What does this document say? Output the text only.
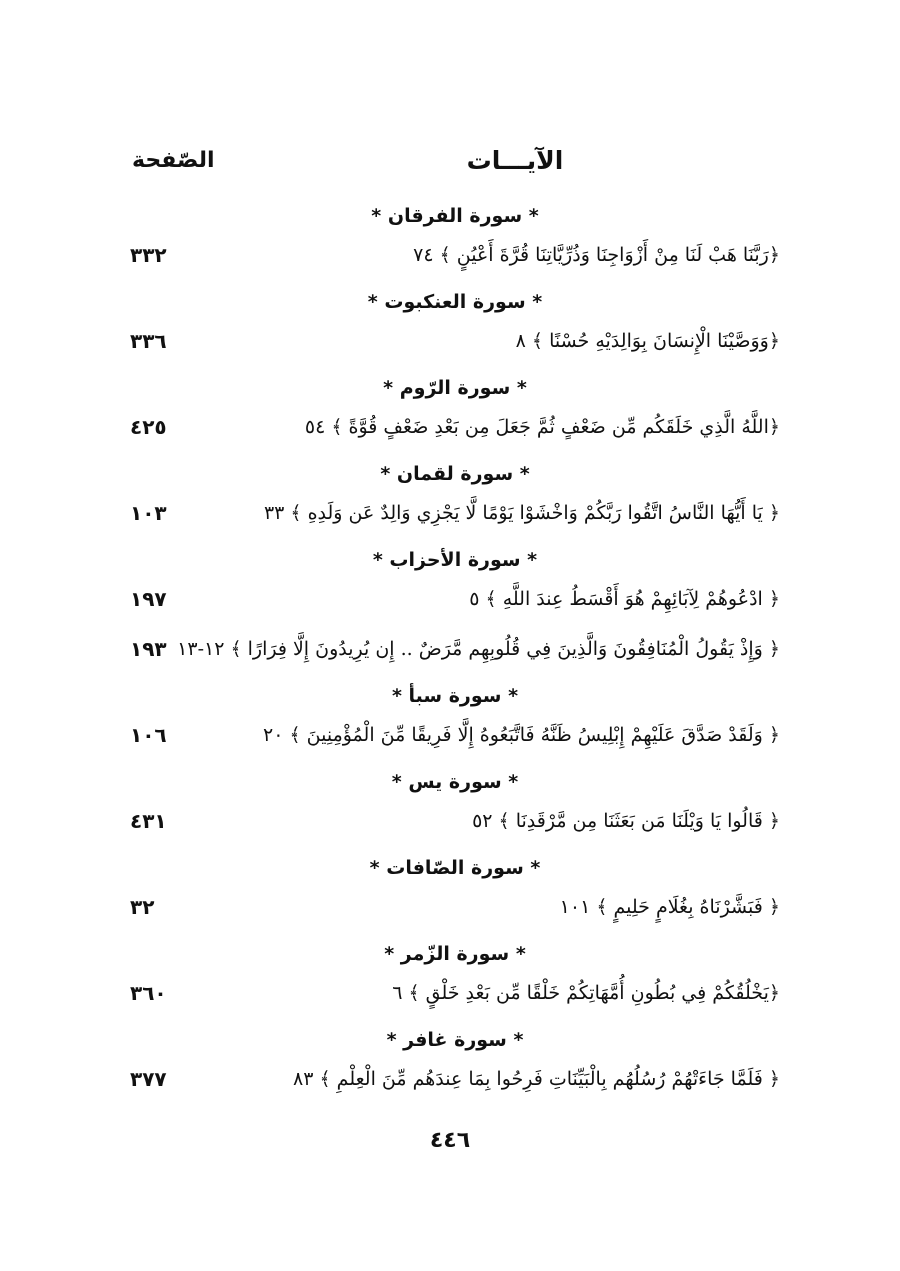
الصّفحة	الآيـــات
* سورة الفرقان *
٣٣٢	﴿رَبَّنَا هَبْ لَنَا مِنْ أَزْوَاجِنَا وَذُرِّيَّاتِنَا قُرَّةَ أَعْيُنٍ ﴾ ٧٤
* سورة العنكبوت *
٣٣٦	﴿وَوَصَّيْنَا الْإِنسَانَ بِوَالِدَيْهِ حُسْنًا ﴾ ٨
* سورة الرّوم *
٤٢٥	﴿اللَّهُ الَّذِي خَلَقَكُم مِّن ضَعْفٍ ثُمَّ جَعَلَ مِن بَعْدِ ضَعْفٍ قُوَّةً ﴾ ٥٤
* سورة لقمان *
١٠٣	﴿ يَا أَيُّهَا النَّاسُ اتَّقُوا رَبَّكُمْ وَاخْشَوْا يَوْمًا لَّا يَجْزِي وَالِدٌ عَن وَلَدِهِ ﴾ ٣٣
* سورة الأحزاب *
١٩٧	﴿ ادْعُوهُمْ لِآبَائِهِمْ هُوَ أَقْسَطُ عِندَ اللَّهِ ﴾ ٥
١٩٣ ﴿ وَإِذْ يَقُولُ الْمُنَافِقُونَ وَالَّذِينَ فِي قُلُوبِهِم مَّرَضٌ .. إِن يُرِيدُونَ إِلَّا فِرَارًا ﴾ ١٢-١٣
* سورة سبأ *
١٠٦	﴿ وَلَقَدْ صَدَّقَ عَلَيْهِمْ إِبْلِيسُ ظَنَّهُ فَاتَّبَعُوهُ إِلَّا فَرِيقًا مِّنَ الْمُؤْمِنِينَ ﴾ ٢٠
* سورة يس *
٤٣١	﴿ قَالُوا يَا وَيْلَنَا مَن بَعَثَنَا مِن مَّرْقَدِنَا ﴾ ٥٢
* سورة الصّافات *
٣٢	﴿ فَبَشَّرْنَاهُ بِغُلَامٍ حَلِيمٍ ﴾ ١٠١
* سورة الزّمر *
٣٦٠	﴿يَخْلُقُكُمْ فِي بُطُونِ أُمَّهَاتِكُمْ خَلْقًا مِّن بَعْدِ خَلْقٍ ﴾ ٦
* سورة غافر *
٣٧٧	﴿ فَلَمَّا جَاءَتْهُمْ رُسُلُهُم بِالْبَيِّنَاتِ فَرِحُوا بِمَا عِندَهُم مِّنَ الْعِلْمِ ﴾ ٨٣
٤٤٦
